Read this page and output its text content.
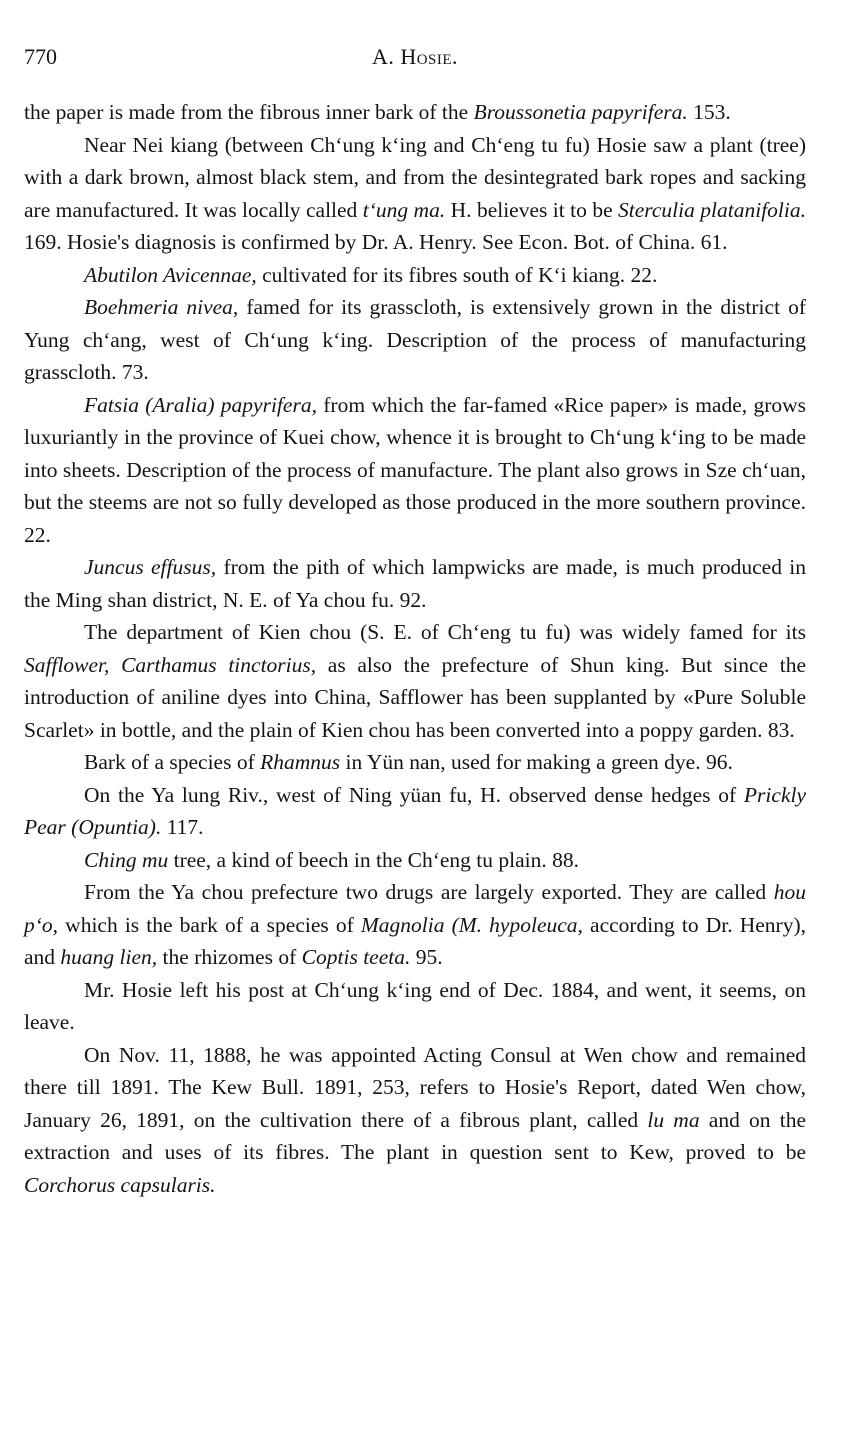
770	A. Hosie.

the paper is made from the fibrous inner bark of the Broussonetia papyrifera. 153.

Near Nei kiang (between Chʻung kʻing and Chʻeng tu fu) Hosie saw a plant (tree) with a dark brown, almost black stem, and from the desintegrated bark ropes and sacking are manufactured. It was locally called tʻung ma. H. believes it to be Sterculia platanifolia. 169. Hosie's diagnosis is confirmed by Dr. A. Henry. See Econ. Bot. of China. 61.

Abutilon Avicennae, cultivated for its fibres south of Kʻi kiang. 22.

Boehmeria nivea, famed for its grasscloth, is extensively grown in the district of Yung chʻang, west of Chʻung kʻing. Description of the process of manufacturing grasscloth. 73.

Fatsia (Aralia) papyrifera, from which the far-famed «Rice paper» is made, grows luxuriantly in the province of Kuei chow, whence it is brought to Chʻung kʻing to be made into sheets. Description of the process of manufacture. The plant also grows in Sze chʻuan, but the steems are not so fully developed as those produced in the more southern province. 22.

Juncus effusus, from the pith of which lampwicks are made, is much produced in the Ming shan district, N. E. of Ya chou fu. 92.

The department of Kien chou (S. E. of Chʻeng tu fu) was widely famed for its Safflower, Carthamus tinctorius, as also the prefecture of Shun king. But since the introduction of aniline dyes into China, Safflower has been supplanted by «Pure Soluble Scarlet» in bottle, and the plain of Kien chou has been converted into a poppy garden. 83.

Bark of a species of Rhamnus in Yün nan, used for making a green dye. 96.

On the Ya lung Riv., west of Ning yüan fu, H. observed dense hedges of Prickly Pear (Opuntia). 117.

Ching mu tree, a kind of beech in the Chʻeng tu plain. 88.

From the Ya chou prefecture two drugs are largely exported. They are called hou pʻo, which is the bark of a species of Magnolia (M. hypoleuca, according to Dr. Henry), and huang lien, the rhizomes of Coptis teeta. 95.

Mr. Hosie left his post at Chʻung kʻing end of Dec. 1884, and went, it seems, on leave.

On Nov. 11, 1888, he was appointed Acting Consul at Wen chow and remained there till 1891. The Kew Bull. 1891, 253, refers to Hosie's Report, dated Wen chow, January 26, 1891, on the cultivation there of a fibrous plant, called lu ma and on the extraction and uses of its fibres. The plant in question sent to Kew, proved to be Corchorus capsularis.
